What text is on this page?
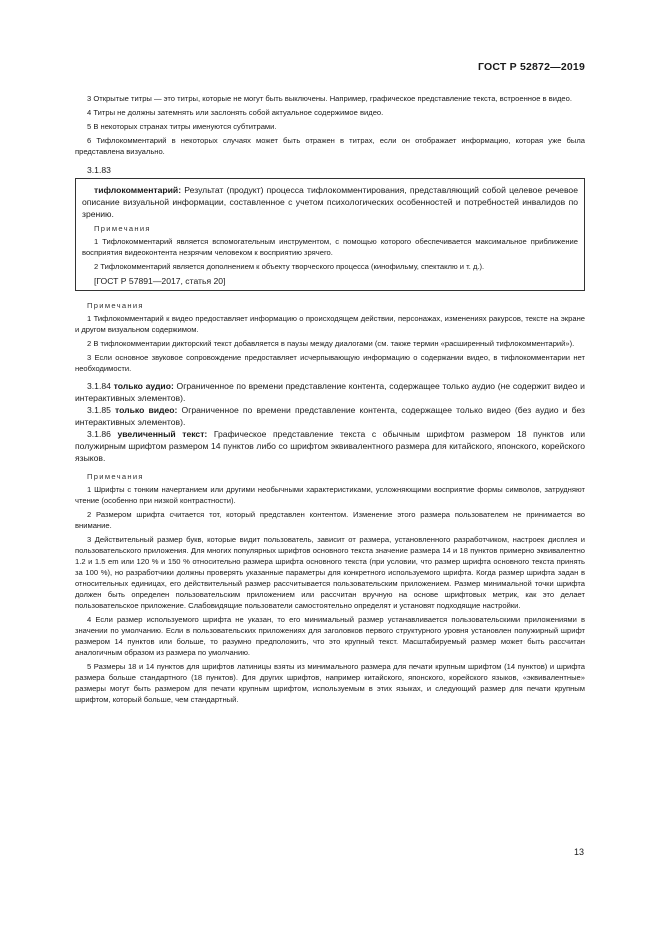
ГОСТ Р 52872—2019

3 Открытые титры — это титры, которые не могут быть выключены. Например, графическое представление текста, встроенное в видео.

4 Титры не должны затемнять или заслонять собой актуальное содержимое видео.

5 В некоторых странах титры именуются субтитрами.

6 Тифлокомментарий в некоторых случаях может быть отражен в титрах, если он отображает информацию, которая уже была представлена визуально.

3.1.83

тифлокомментарий: Результат (продукт) процесса тифлокомментирования, представляющий собой целевое речевое описание визуальной информации, составленное с учетом психологических особенностей и потребностей инвалидов по зрению.

Примечания

1 Тифлокомментарий является вспомогательным инструментом, с помощью которого обеспечивается максимальное приближение восприятия видеоконтента незрячим человеком к восприятию зрячего.

2 Тифлокомментарий является дополнением к объекту творческого процесса (кинофильму, спектаклю и т. д.).

[ГОСТ Р 57891—2017, статья 20]
Примечания

1 Тифлокомментарий к видео предоставляет информацию о происходящем действии, персонажах, изменениях ракурсов, тексте на экране и другом визуальном содержимом.

2 В тифлокомментарии дикторский текст добавляется в паузы между диалогами (см. также термин «расширенный тифлокомментарий»).

3 Если основное звуковое сопровождение предоставляет исчерпывающую информацию о содержании видео, в тифлокомментарии нет необходимости.

3.1.84 только аудио: Ограниченное по времени представление контента, содержащее только аудио (не содержит видео и интерактивных элементов).

3.1.85 только видео: Ограниченное по времени представление контента, содержащее только видео (без аудио и без интерактивных элементов).

3.1.86 увеличенный текст: Графическое представление текста с обычным шрифтом размером 18 пунктов или полужирным шрифтом размером 14 пунктов либо со шрифтом эквивалентного размера для китайского, японского, корейского языков.

Примечания

1 Шрифты с тонким начертанием или другими необычными характеристиками, усложняющими восприятие формы символов, затрудняют чтение (особенно при низкой контрастности).

2 Размером шрифта считается тот, который представлен контентом. Изменение этого размера пользователем не принимается во внимание.

3 Действительный размер букв, которые видит пользователь, зависит от размера, установленного разработчиком, настроек дисплея и пользовательского приложения. Для многих популярных шрифтов основного текста значение размера 14 и 18 пунктов примерно эквивалентно 1.2 и 1.5 em или 120 % и 150 % относительно размера шрифта основного текста (при условии, что размер шрифта основного текста принять за 100 %), но разработчики должны проверять указанные параметры для конкретного используемого шрифта. Когда размер шрифта задан в относительных единицах, его действительный размер рассчитывается пользовательским приложением. Размер минимальной точки шрифта должен быть определен пользовательским приложением или рассчитан вручную на основе шрифтовых метрик, как это делает пользовательское приложение. Слабовидящие пользователи самостоятельно определят и установят подходящие настройки.

4 Если размер используемого шрифта не указан, то его минимальный размер устанавливается пользовательскими приложениями в значении по умолчанию. Если в пользовательских приложениях для заголовков первого структурного уровня установлен полужирный шрифт размером 14 пунктов или больше, то разумно предположить, что это крупный текст. Масштабируемый размер может быть рассчитан аналогичным образом из размера по умолчанию.

5 Размеры 18 и 14 пунктов для шрифтов латиницы взяты из минимального размера для печати крупным шрифтом (14 пунктов) и шрифта размера больше стандартного (18 пунктов). Для других шрифтов, например китайского, японского, корейского языков, «эквивалентные» размеры могут быть размером для печати крупным шрифтом, используемым в этих языках, и следующий размер для печати крупным шрифтом, который больше, чем стандартный.

13
